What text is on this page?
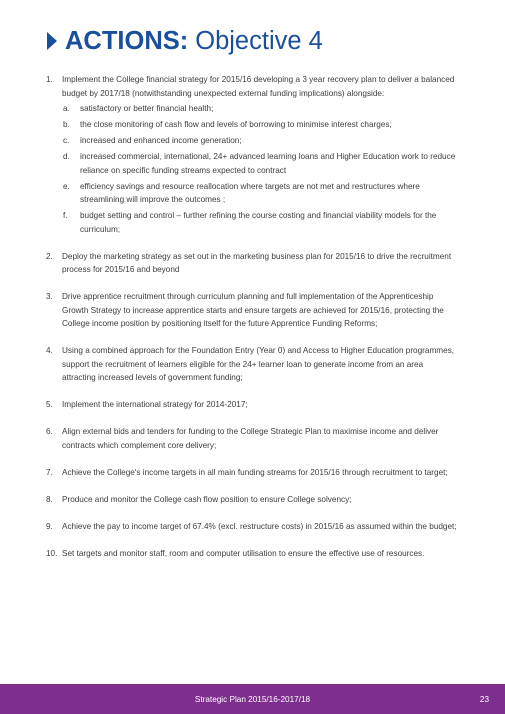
ACTIONS: Objective 4
1. Implement the College financial strategy for 2015/16 developing a 3 year recovery plan to deliver a balanced budget by 2017/18 (notwithstanding unexpected external funding implications) alongside:
a. satisfactory or better financial health;
b. the close monitoring of cash flow and levels of borrowing to minimise interest charges;
c. increased and enhanced income generation;
d. increased commercial, international, 24+ advanced learning loans and Higher Education work to reduce reliance on specific funding streams expected to contract
e. efficiency savings and resource reallocation where targets are not met and restructures where streamlining will improve the outcomes ;
f. budget setting and control – further refining the course costing and financial viability models for the curriculum;
2. Deploy the marketing strategy as set out in the marketing business plan for 2015/16 to drive the recruitment process for 2015/16 and beyond
3. Drive apprentice recruitment through curriculum planning and full implementation of the Apprenticeship Growth Strategy to increase apprentice starts and ensure targets are achieved for 2015/16, protecting the College income position by positioning itself for the future Apprentice Funding Reforms;
4. Using a combined approach for the Foundation Entry (Year 0) and Access to Higher Education programmes, support the recruitment of learners eligible for the 24+ learner loan to generate income from an area attracting increased levels of government funding;
5. Implement the international strategy for 2014-2017;
6. Align external bids and tenders for funding to the College Strategic Plan to maximise income and deliver contracts which complement core delivery;
7. Achieve the College's income targets in all main funding streams for 2015/16 through recruitment to target;
8. Produce and monitor the College cash flow position to ensure College solvency;
9. Achieve the pay to income target of 67.4% (excl. restructure costs) in 2015/16 as assumed within the budget;
10. Set targets and monitor staff, room and computer utilisation to ensure the effective use of resources.
Strategic Plan 2015/16-2017/18	23
